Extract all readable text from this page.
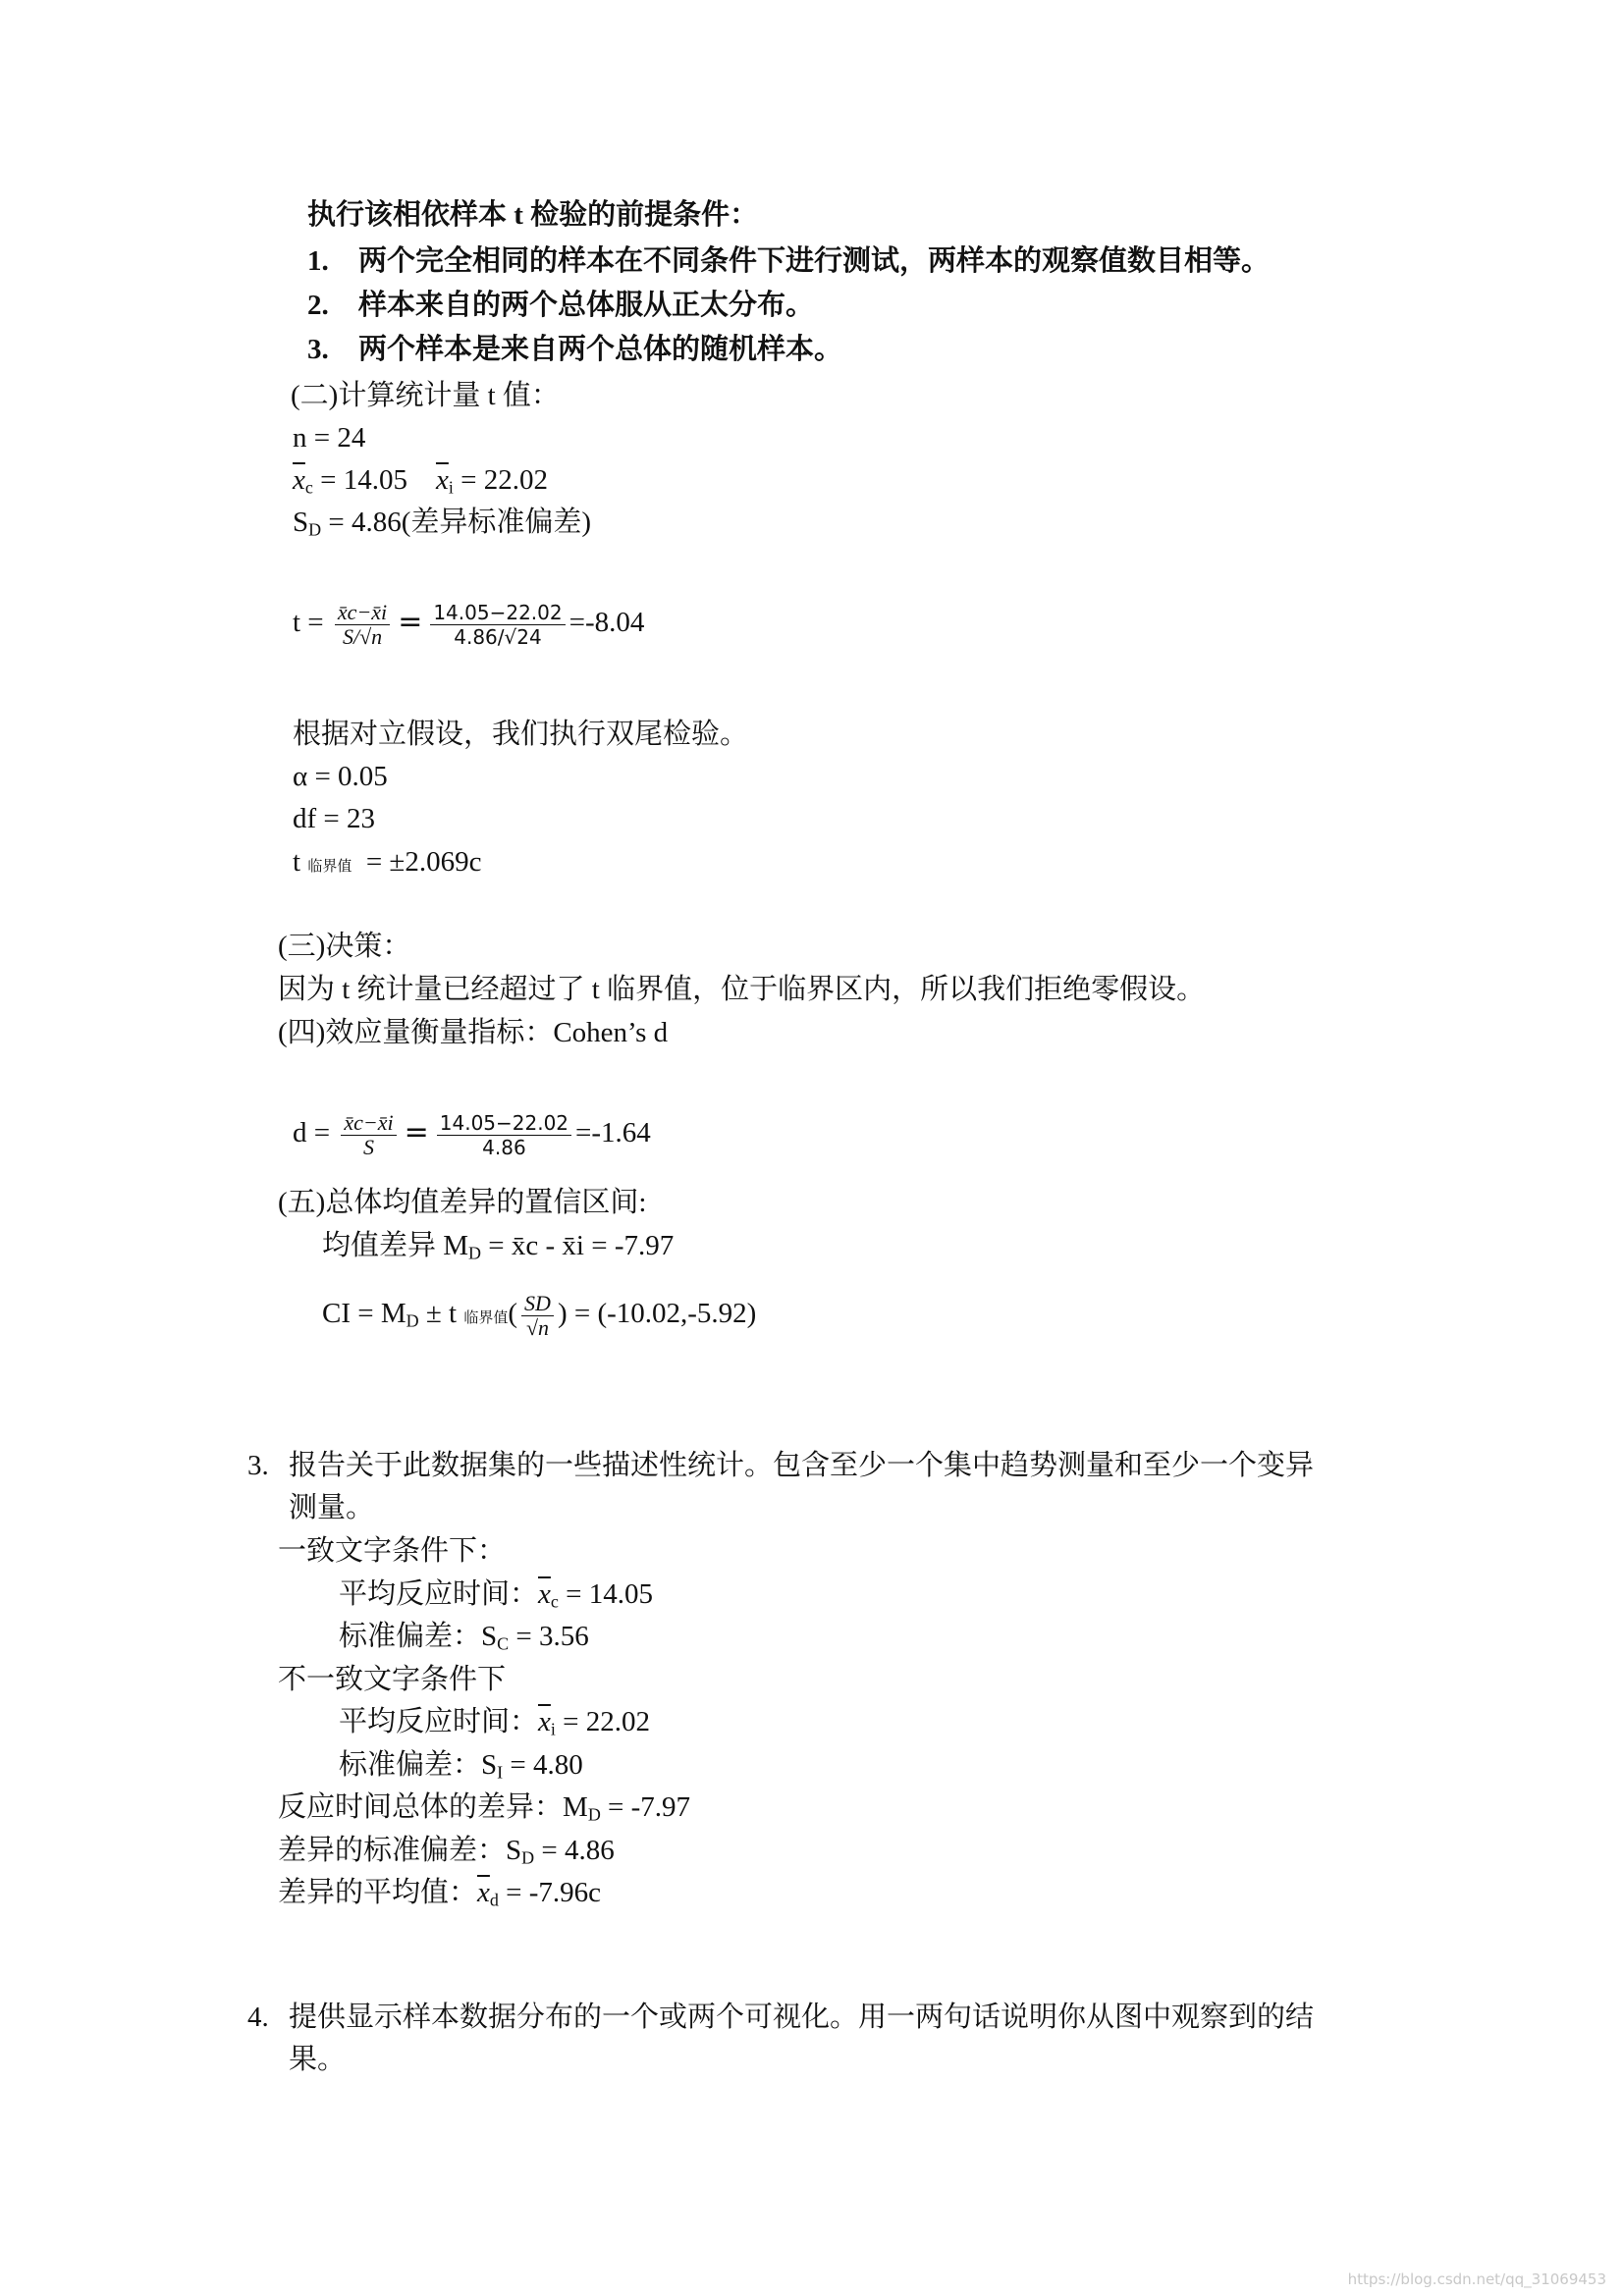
执行该相依样本 t 检验的前提条件：
1. 两个完全相同的样本在不同条件下进行测试，两样本的观察值数目相等。
2. 样本来自的两个总体服从正太分布。
3. 两个样本是来自两个总体的随机样本。
(二)计算统计量 t 值：
n = 24
$\overline{x}_c = 14.05$ $\overline{x}_i = 22.02$
$S_D = 4.86$(差异标准偏差)
$t = \frac{x̄c-x̄i}{S/√n} = \frac{14.05-22.02}{4.86/√24} =-8.04$
根据对立假设，我们执行双尾检验。
α = 0.05
df = 23
t 临界值 = ±2.069c
(三)决策：
因为 t 统计量已经超过了 t 临界值，位于临界区内，所以我们拒绝零假设。
(四)效应量衡量指标：Cohen’s d
$d = \frac{x̄c-x̄i}{S} = \frac{14.05-22.02}{4.86} =-1.64$
(五)总体均值差异的置信区间:
均值差异 $M_D$ = x̄c - x̄i = -7.97
CI = $M_D \pm t$ 临界值( $\frac{SD}{√n}$ ) = (-10.02,-5.92)
3. 报告关于此数据集的一些描述性统计。包含至少一个集中趋势测量和至少一个变异
测量。
一致文字条件下：
平均反应时间：$\overline{x}_c = 14.05$
标准偏差：$S_C = 3.56$
不一致文字条件下
平均反应时间：$\overline{x}_i = 22.02$
标准偏差：$S_I = 4.80$
反应时间总体的差异：$M_D = -7.97$
差异的标准偏差：$S_D = 4.86$
差异的平均值：$\overline{x}_d = -7.96c$
4. 提供显示样本数据分布的一个或两个可视化。用一两句话说明你从图中观察到的结
果。
https://blog.csdn.net/qq_31069453
